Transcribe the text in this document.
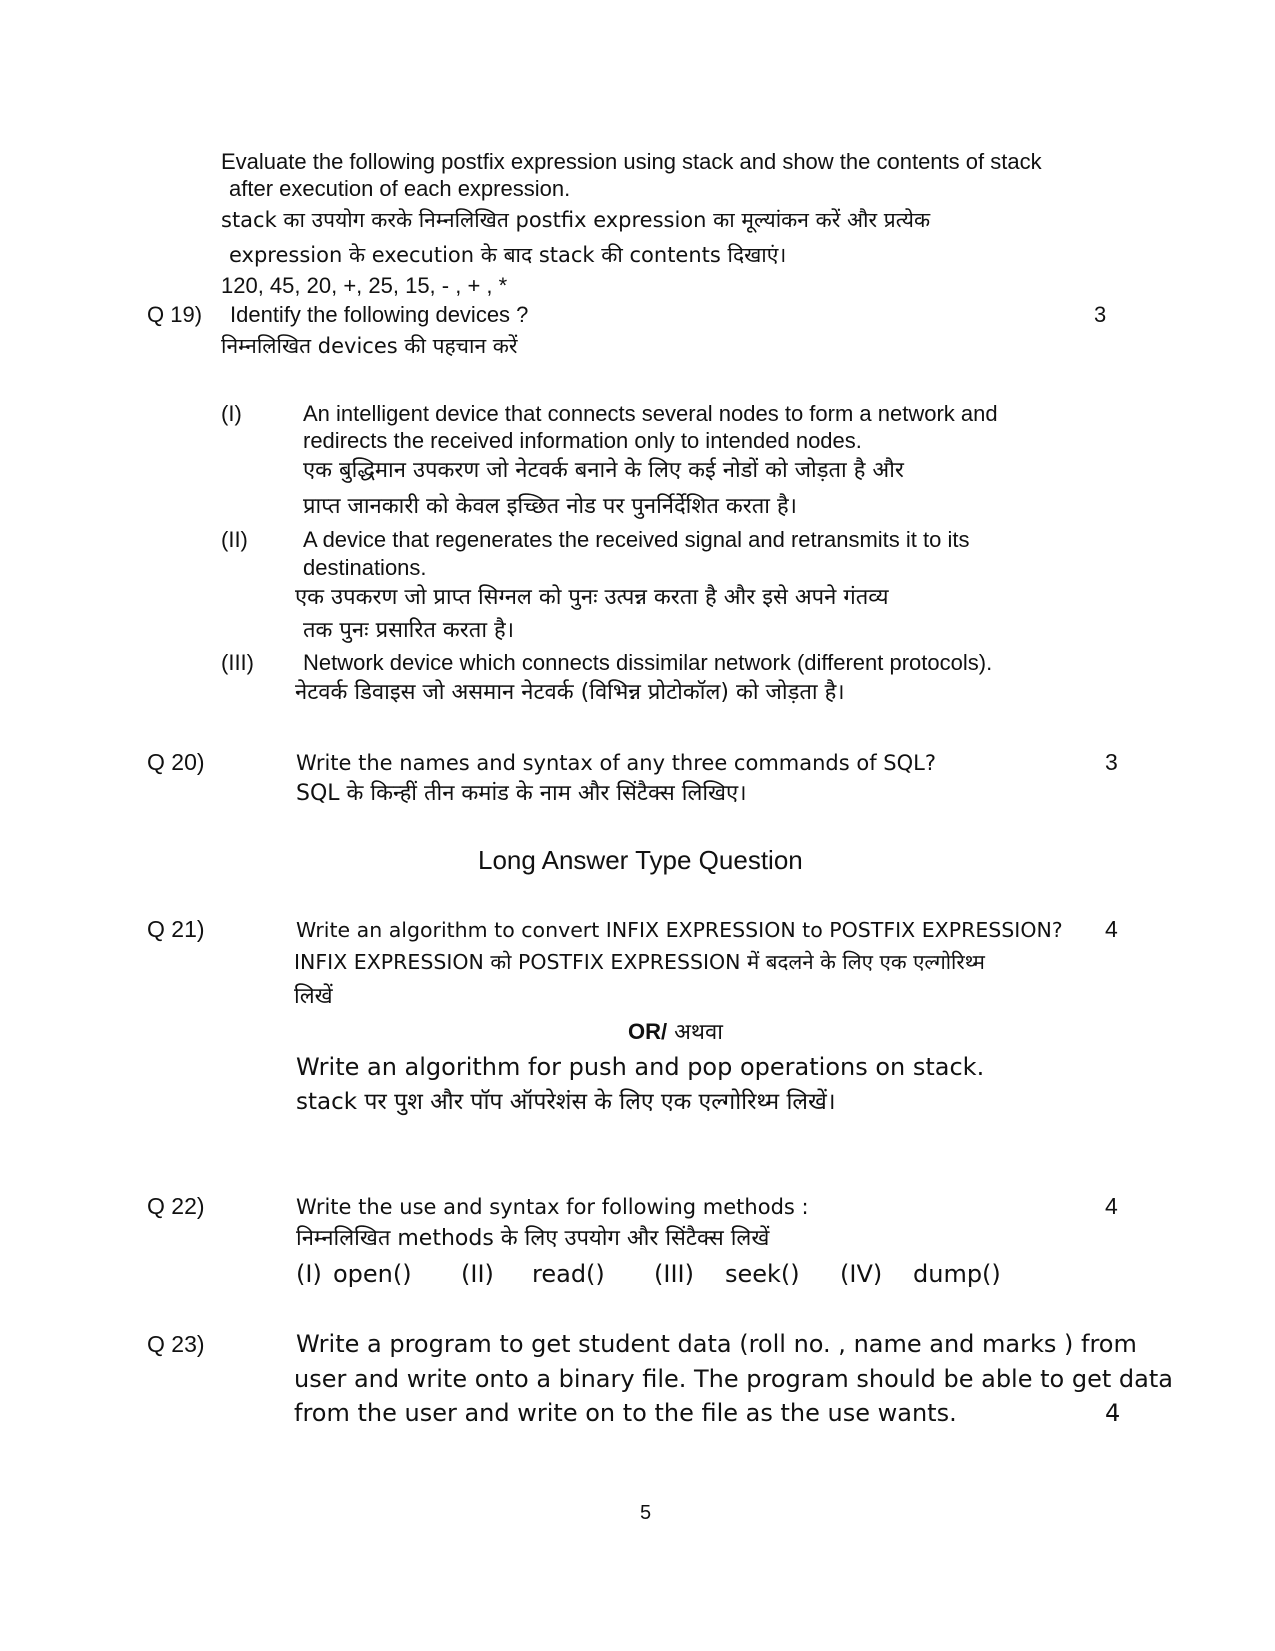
Evaluate the following postfix expression using stack and show the contents of stack
after execution of each expression.
stack का उपयोग करके निम्नलिखित postfix expression का मूल्यांकन करें और प्रत्येक
expression के execution के बाद stack की contents दिखाएं।
120, 45, 20, +, 25, 15, - , + , *
Q 19) Identify the following devices ?	3
निम्नलिखित devices की पहचान करें
(I)	An intelligent device that connects several nodes to form a network and
redirects the received information only to intended nodes.
एक बुद्धिमान उपकरण जो नेटवर्क बनाने के लिए कई नोडों को जोड़ता है और
प्राप्त जानकारी को केवल इच्छित नोड पर पुनर्निर्देशित करता है।
(II)	A device that regenerates the received signal and retransmits it to its
destinations.
एक उपकरण जो प्राप्त सिग्नल को पुनः उत्पन्न करता है और इसे अपने गंतव्य
तक पुनः प्रसारित करता है।
(III) Network device which connects dissimilar network (different protocols).
नेटवर्क डिवाइस जो असमान नेटवर्क (विभिन्न प्रोटोकॉल) को जोड़ता है।
Q 20)	Write the names and syntax of any three commands of SQL?	3
SQL के किन्हीं तीन कमांड के नाम और सिंटैक्स लिखिए।
Long Answer Type Question
Q 21)	Write an algorithm to convert INFIX EXPRESSION to POSTFIX EXPRESSION? 4
INFIX EXPRESSION को POSTFIX EXPRESSION में बदलने के लिए एक एल्गोरिथ्म
लिखें
OR/ अथवा
Write an algorithm for push and pop operations on stack.
stack पर पुश और पॉप ऑपरेशंस के लिए एक एल्गोरिथ्म लिखें।
Q 22)	Write the use and syntax for following methods :	4
निम्नलिखित methods के लिए उपयोग और सिंटैक्स लिखें
(I) open() (II) read() (III) seek() (IV) dump()
Q 23)	Write a program to get student data (roll no. , name and marks ) from
user and write onto a binary file. The program should be able to get data
from the user and write on to the file as the use wants.	4
5
